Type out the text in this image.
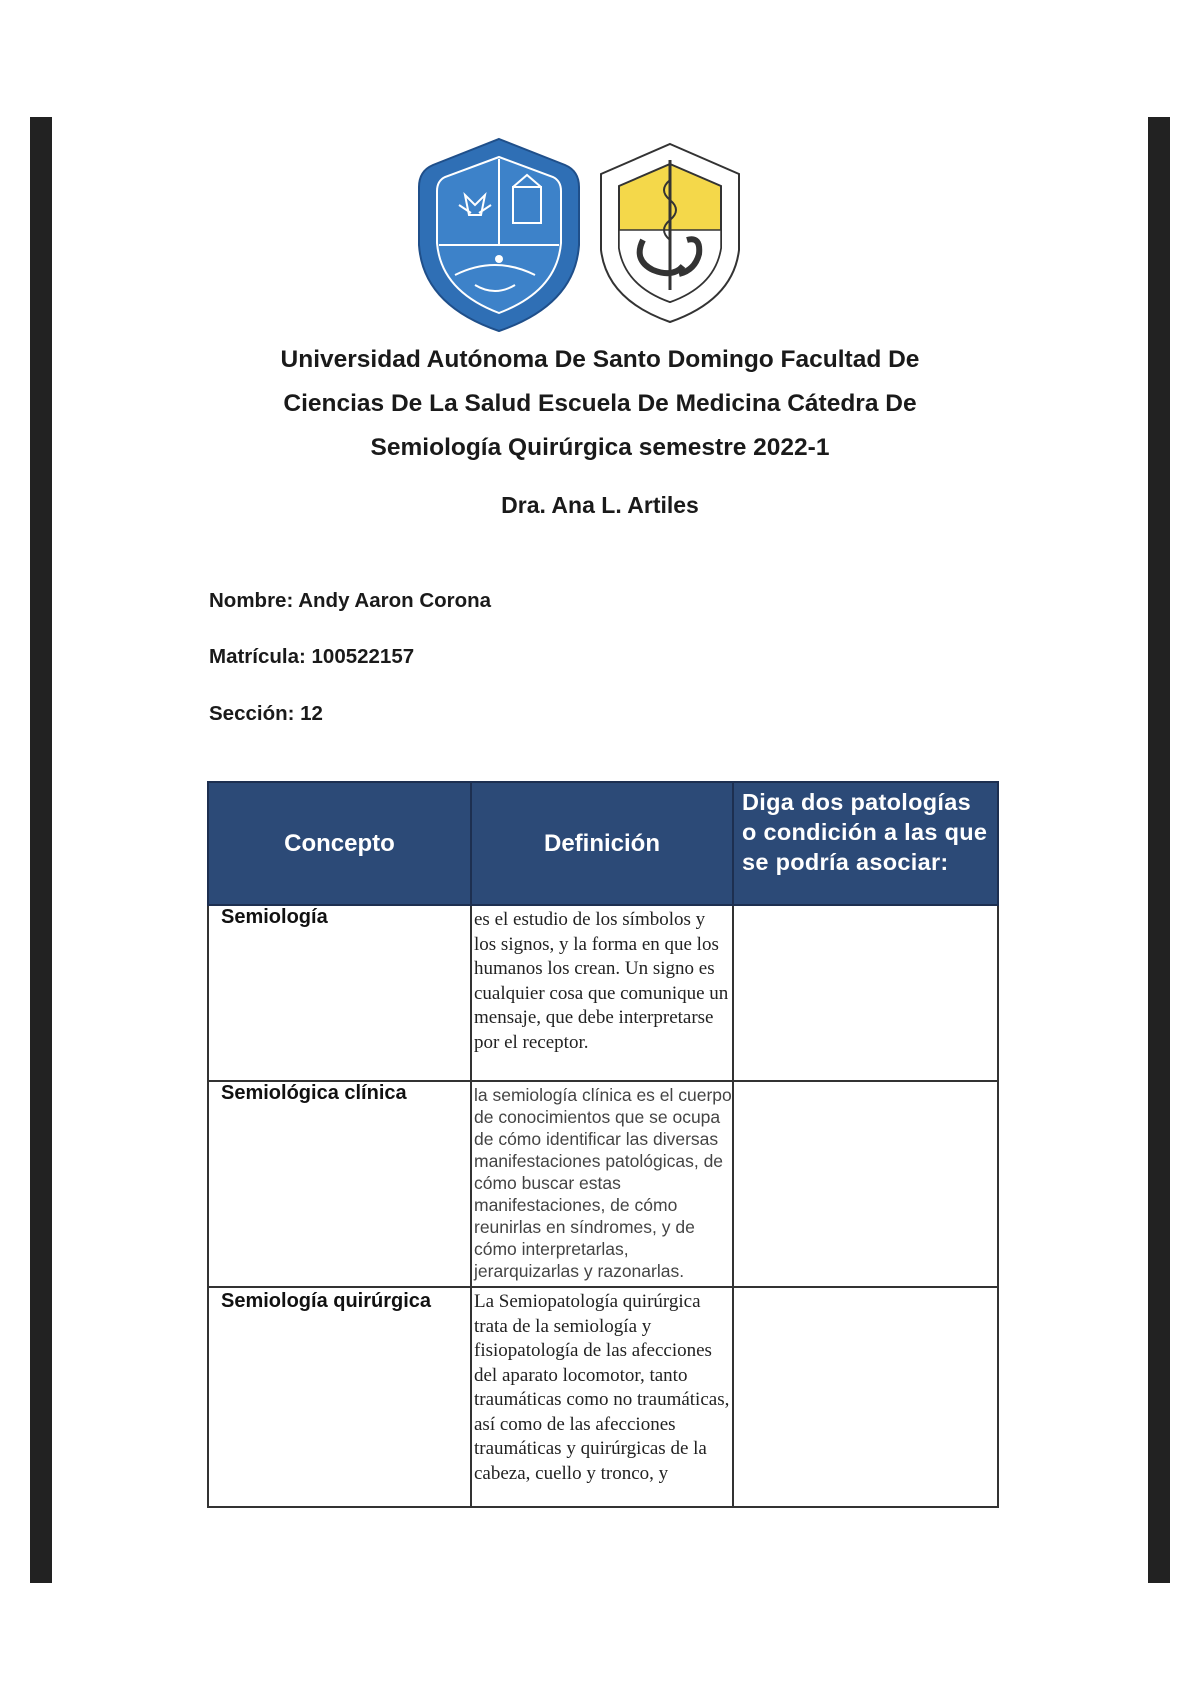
Universidad Autónoma De Santo Domingo Facultad De
Ciencias De La Salud Escuela De Medicina Cátedra De
Semiología Quirúrgica semestre 2022-1
Dra. Ana L. Artiles
Nombre: Andy Aaron Corona
Matrícula: 100522157
Sección: 12
Concepto	Definición	Diga dos patologías o condición a las que se podría asociar:

Semiología	es el estudio de los símbolos y los signos, y la forma en que los humanos los crean. Un signo es cualquier cosa que comunique un mensaje, que debe interpretarse por el receptor.	

Semiológica clínica	la semiología clínica es el cuerpo de conocimientos que se ocupa de cómo identificar las diversas manifestaciones patológicas, de cómo buscar estas manifestaciones, de cómo reunirlas en síndromes, y de cómo interpretarlas, jerarquizarlas y razonarlas.	

Semiología quirúrgica	La Semiopatología quirúrgica trata de la semiología y fisiopatología de las afecciones del aparato locomotor, tanto traumáticas como no traumáticas, así como de las afecciones traumáticas y quirúrgicas de la cabeza, cuello y tronco, y	
